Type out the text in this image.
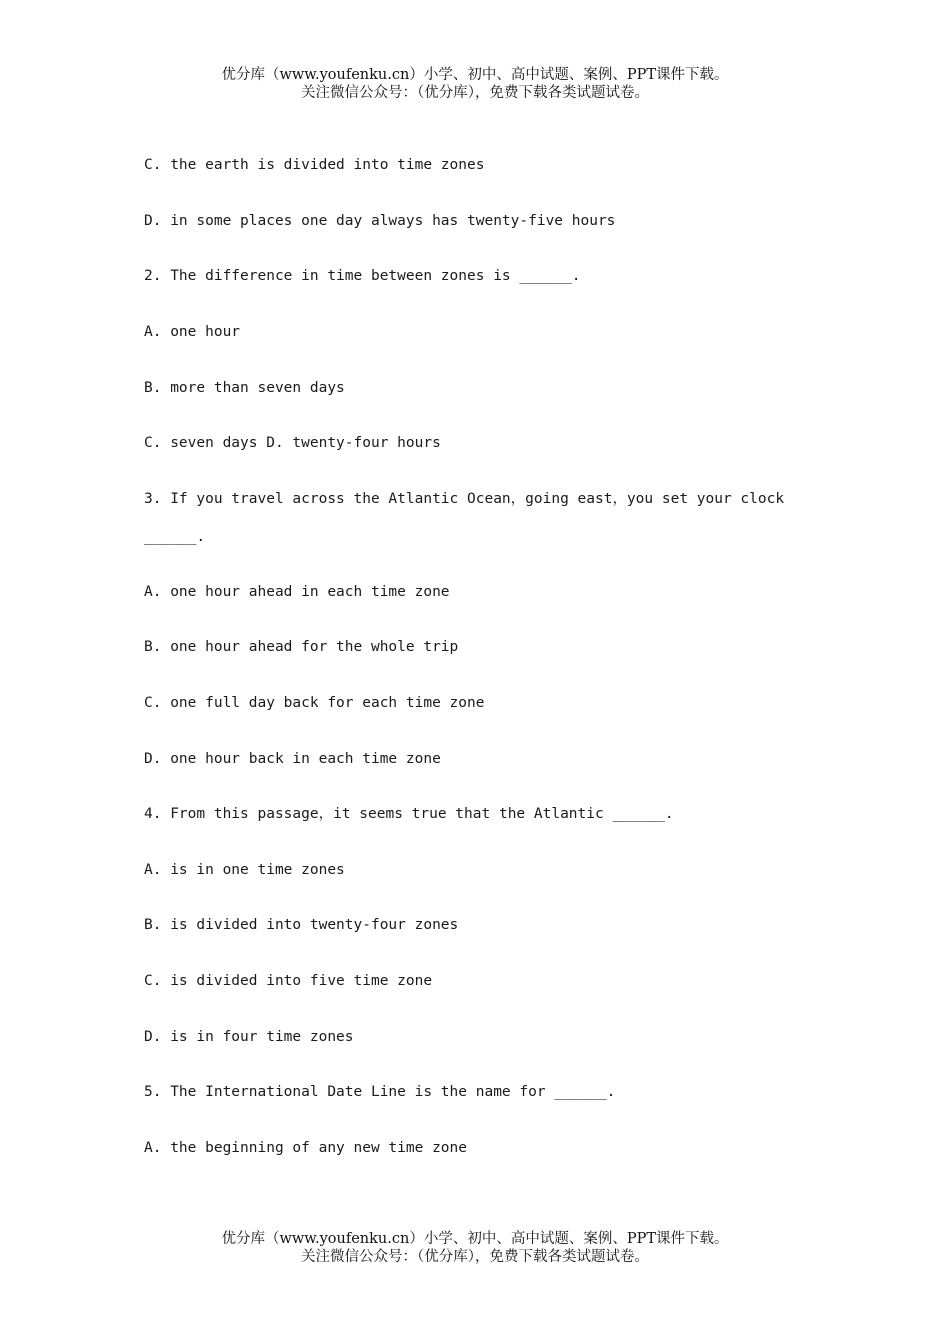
优分库（www.youfenku.cn）小学、初中、高中试题、案例、PPT课件下载。
关注微信公众号：（优分库），免费下载各类试题试卷。
C. the earth is divided into time zones
D. in some places one day always has twenty-five hours
2. The difference in time between zones is ______.
A. one hour
B. more than seven days
C. seven days D. twenty-four hours
3. If you travel across the Atlantic Ocean，going east，you set your clock
______.
A. one hour ahead in each time zone
B. one hour ahead for the whole trip
C. one full day back for each time zone
D. one hour back in each time zone
4. From this passage，it seems true that the Atlantic ______.
A. is in one time zones
B. is divided into twenty-four zones
C. is divided into five time zone
D. is in four time zones
5. The International Date Line is the name for ______.
A. the beginning of any new time zone
优分库（www.youfenku.cn）小学、初中、高中试题、案例、PPT课件下载。
关注微信公众号：（优分库），免费下载各类试题试卷。
